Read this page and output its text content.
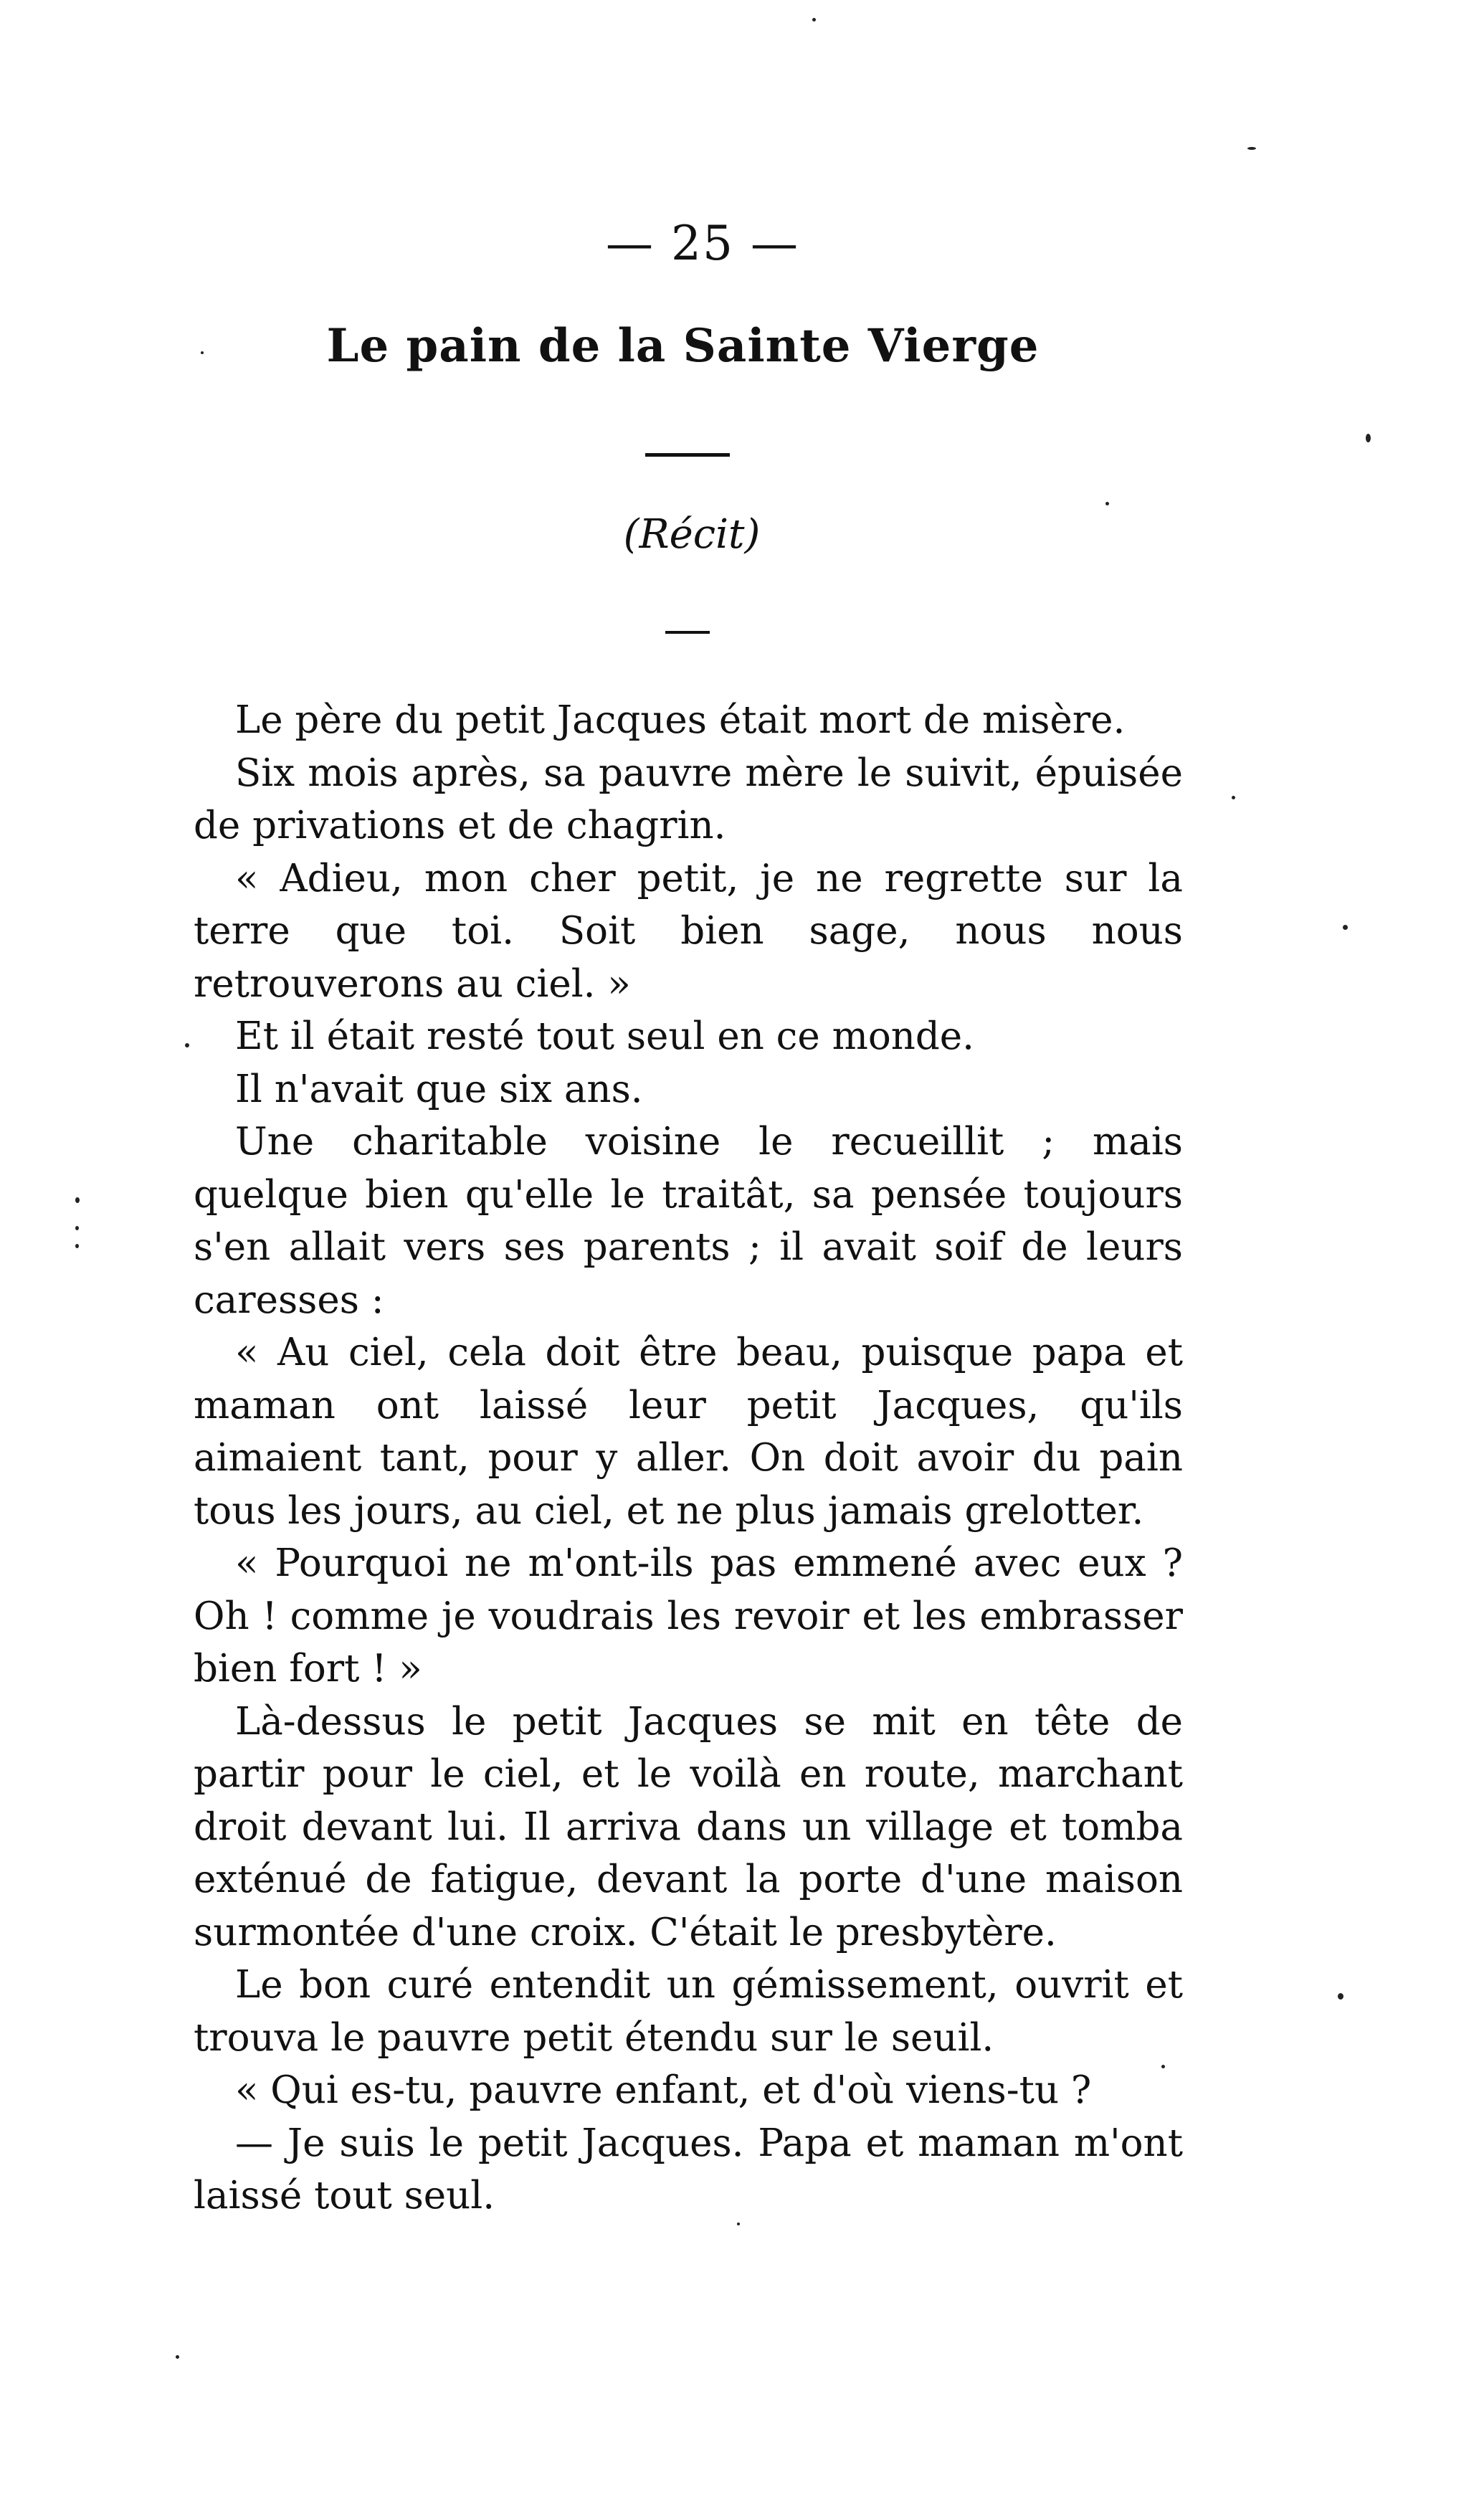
— 25 —
Le pain de la Sainte Vierge
(Récit)

Le père du petit Jacques était mort de misère.

Six mois après, sa pauvre mère le suivit, épuisée de privations et de chagrin.

« Adieu, mon cher petit, je ne regrette sur la terre que toi. Soit bien sage, nous nous retrouverons au ciel. »

Et il était resté tout seul en ce monde.

Il n'avait que six ans.

Une charitable voisine le recueillit ; mais quelque bien qu'elle le traitât, sa pensée toujours s'en allait vers ses parents ; il avait soif de leurs caresses :

« Au ciel, cela doit être beau, puisque papa et maman ont laissé leur petit Jacques, qu'ils aimaient tant, pour y aller. On doit avoir du pain tous les jours, au ciel, et ne plus jamais grelotter.

« Pourquoi ne m'ont-ils pas emmené avec eux ? Oh ! comme je voudrais les revoir et les embrasser bien fort ! »

Là-dessus le petit Jacques se mit en tête de partir pour le ciel, et le voilà en route, marchant droit devant lui. Il arriva dans un village et tomba exténué de fatigue, devant la porte d'une maison surmontée d'une croix. C'était le presbytère.

Le bon curé entendit un gémissement, ouvrit et trouva le pauvre petit étendu sur le seuil.

« Qui es-tu, pauvre enfant, et d'où viens-tu ?

— Je suis le petit Jacques. Papa et maman m'ont laissé tout seul.
